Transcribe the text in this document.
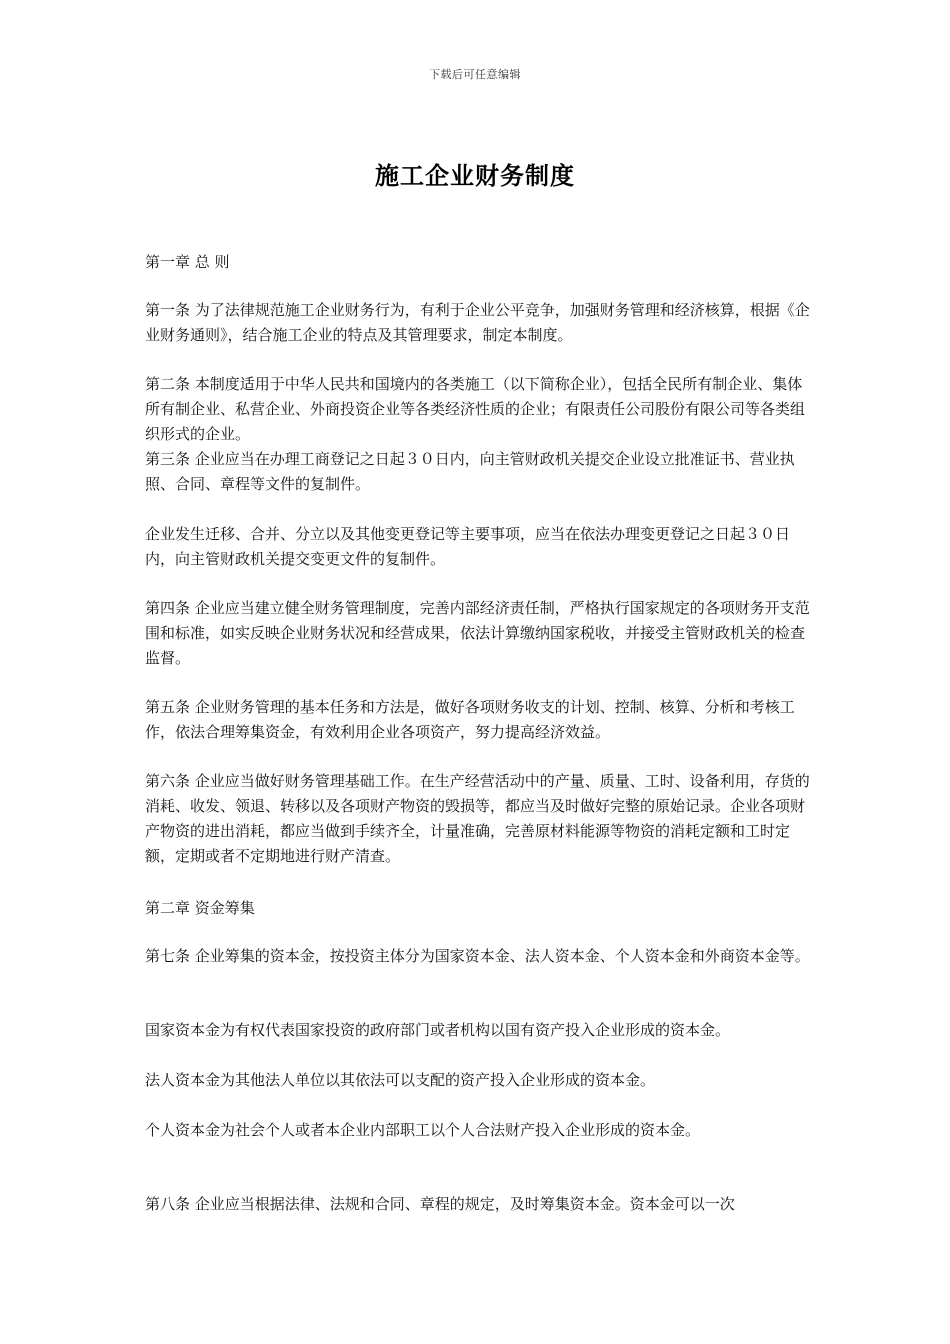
下载后可任意编辑
施工企业财务制度

第一章 总 则

第一条 为了法律规范施工企业财务行为，有利于企业公平竞争，加强财务管理和经济核算，根据《企业财务通则》，结合施工企业的特点及其管理要求，制定本制度。

第二条 本制度适用于中华人民共和国境内的各类施工（以下简称企业），包括全民所有制企业、集体所有制企业、私营企业、外商投资企业等各类经济性质的企业；有限责任公司股份有限公司等各类组织形式的企业。

第三条 企业应当在办理工商登记之日起３０日内，向主管财政机关提交企业设立批准证书、营业执照、合同、章程等文件的复制件。

企业发生迁移、合并、分立以及其他变更登记等主要事项，应当在依法办理变更登记之日起３０日内，向主管财政机关提交变更文件的复制件。

第四条 企业应当建立健全财务管理制度，完善内部经济责任制，严格执行国家规定的各项财务开支范围和标准，如实反映企业财务状况和经营成果，依法计算缴纳国家税收，并接受主管财政机关的检查监督。

第五条 企业财务管理的基本任务和方法是，做好各项财务收支的计划、控制、核算、分析和考核工作，依法合理筹集资金，有效利用企业各项资产，努力提高经济效益。

第六条 企业应当做好财务管理基础工作。在生产经营活动中的产量、质量、工时、设备利用，存货的消耗、收发、领退、转移以及各项财产物资的毁损等，都应当及时做好完整的原始记录。企业各项财产物资的进出消耗，都应当做到手续齐全，计量准确，完善原材料能源等物资的消耗定额和工时定额，定期或者不定期地进行财产清查。

第二章 资金筹集

第七条 企业筹集的资本金，按投资主体分为国家资本金、法人资本金、个人资本金和外商资本金等。

国家资本金为有权代表国家投资的政府部门或者机构以国有资产投入企业形成的资本金。

法人资本金为其他法人单位以其依法可以支配的资产投入企业形成的资本金。

个人资本金为社会个人或者本企业内部职工以个人合法财产投入企业形成的资本金。

第八条 企业应当根据法律、法规和合同、章程的规定，及时筹集资本金。资本金可以一次
